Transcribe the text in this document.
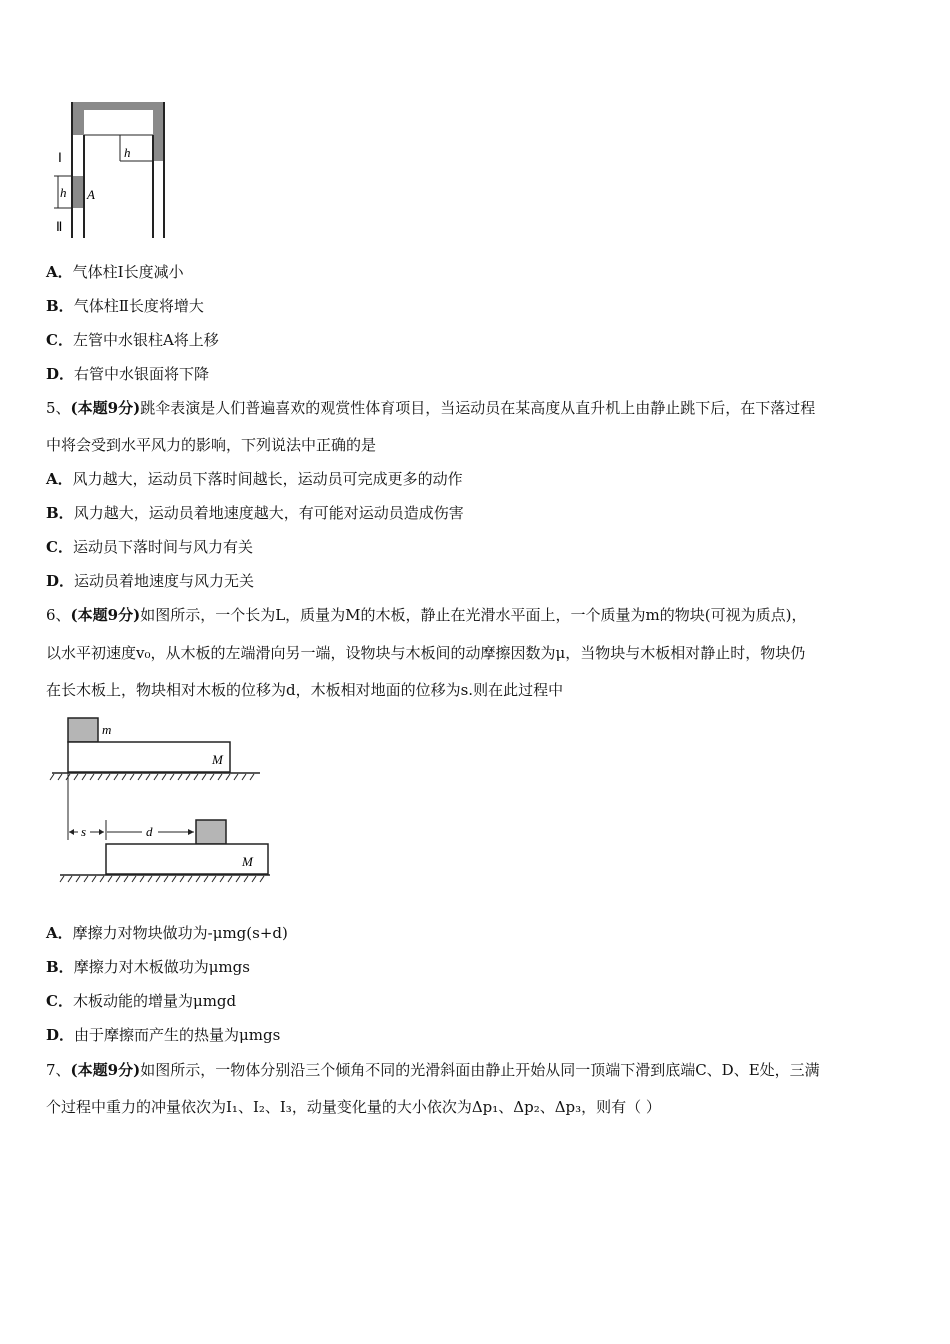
h
A
h
Ⅰ
Ⅱ
A．气体柱Ⅰ长度减小
B．气体柱Ⅱ长度将增大
C．左管中水银柱A将上移
D．右管中水银面将下降
5、(本题9分)跳伞表演是人们普遍喜欢的观赏性体育项目，当运动员在某高度从直升机上由静止跳下后，在下落过程
中将会受到水平风力的影响，下列说法中正确的是
A．风力越大，运动员下落时间越长，运动员可完成更多的动作
B．风力越大，运动员着地速度越大，有可能对运动员造成伤害
C．运动员下落时间与风力有关
D．运动员着地速度与风力无关
6、(本题9分)如图所示，一个长为L，质量为M的木板，静止在光滑水平面上，一个质量为m的物块(可视为质点)，
以水平初速度v₀，从木板的左端滑向另一端，设物块与木板间的动摩擦因数为μ，当物块与木板相对静止时，物块仍
在长木板上，物块相对木板的位移为d，木板相对地面的位移为s.则在此过程中
m
M
s	d
M
A．摩擦力对物块做功为-μmg(s+d)
B．摩擦力对木板做功为μmgs
C．木板动能的增量为μmgd
D．由于摩擦而产生的热量为μmgs
7、(本题9分)如图所示，一物体分别沿三个倾角不同的光滑斜面由静止开始从同一顶端下滑到底端C、D、E处，三满
个过程中重力的冲量依次为I₁、I₂、I₃，动量变化量的大小依次为Δp₁、Δp₂、Δp₃，则有（ ）
